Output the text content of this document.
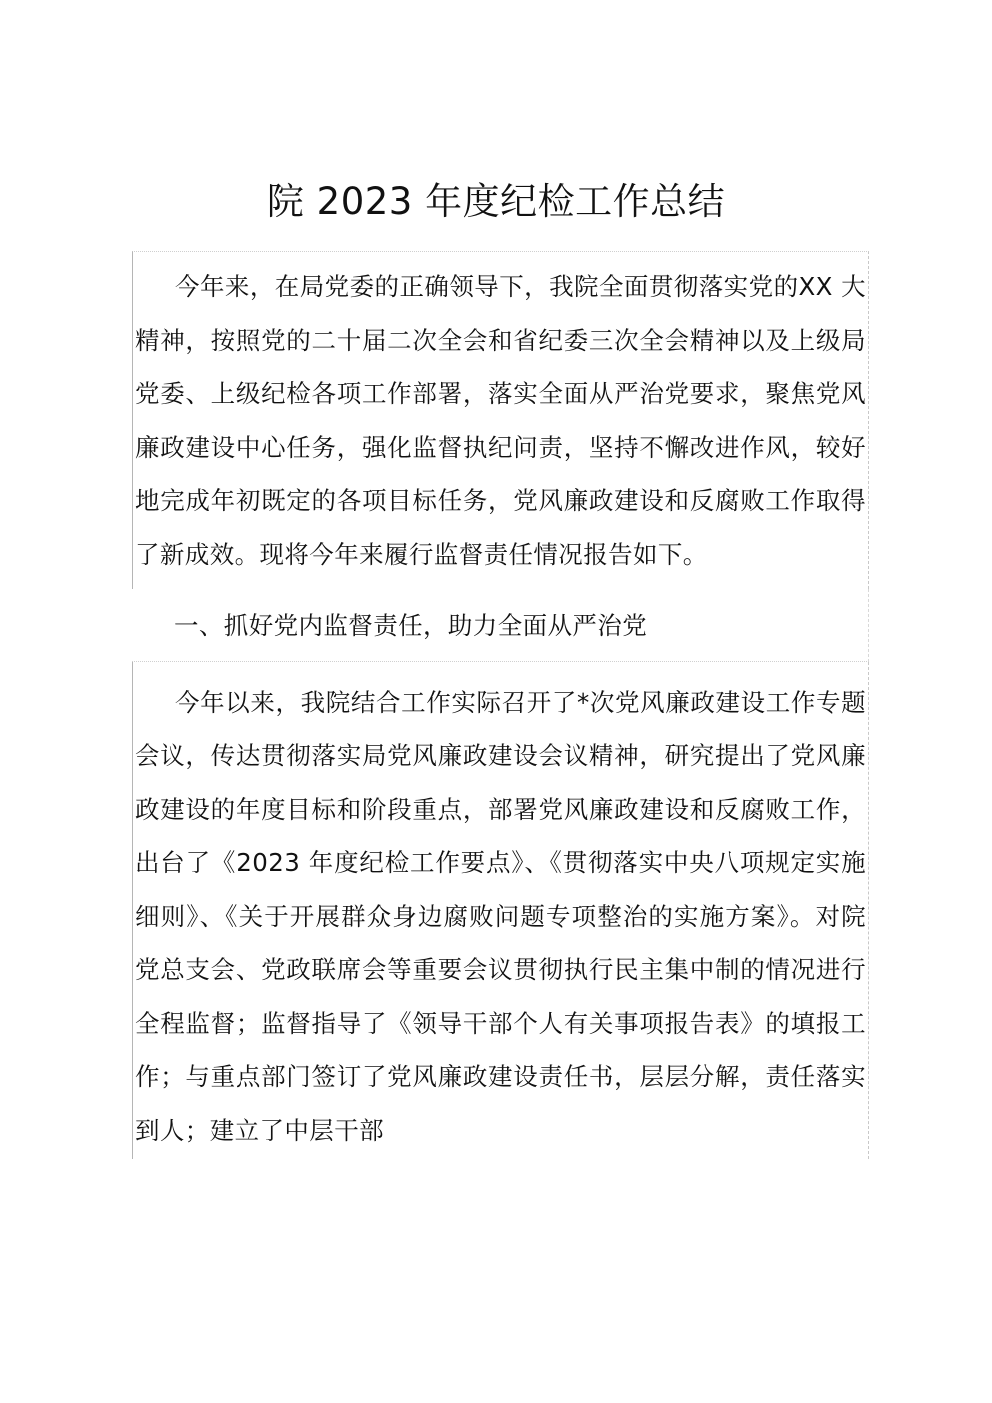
院 2023 年度纪检工作总结

今年来，在局党委的正确领导下，我院全面贯彻落实党的XX 大精神，按照党的二十届二次全会和省纪委三次全会精神以及上级局党委、上级纪检各项工作部署，落实全面从严治党要求，聚焦党风廉政建设中心任务，强化监督执纪问责，坚持不懈改进作风，较好地完成年初既定的各项目标任务，党风廉政建设和反腐败工作取得了新成效。现将今年来履行监督责任情况报告如下。

一、抓好党内监督责任，助力全面从严治党

今年以来，我院结合工作实际召开了*次党风廉政建设工作专题会议，传达贯彻落实局党风廉政建设会议精神，研究提出了党风廉政建设的年度目标和阶段重点，部署党风廉政建设和反腐败工作，出台了《2023 年度纪检工作要点》、《贯彻落实中央八项规定实施细则》、《关于开展群众身边腐败问题专项整治的实施方案》。对院党总支会、党政联席会等重要会议贯彻执行民主集中制的情况进行全程监督；监督指导了《领导干部个人有关事项报告表》的填报工作；与重点部门签订了党风廉政建设责任书，层层分解，责任落实到人；建立了中层干部
